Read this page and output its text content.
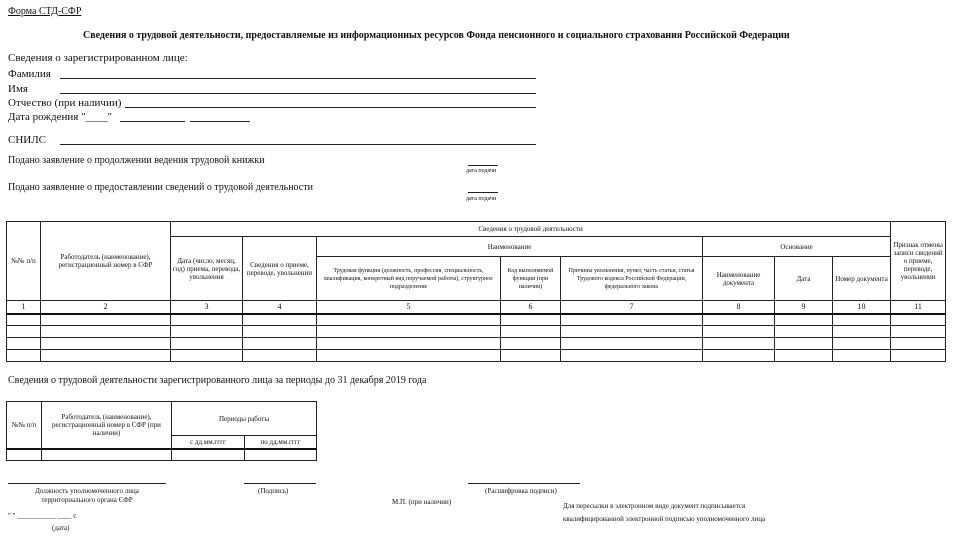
Форма СТД-СФР
Сведения о трудовой деятельности, предоставляемые из информационных ресурсов Фонда пенсионного и социального страхования Российской Федерации
Сведения о зарегистрированном лице:
Фамилия
Имя
Отчество (при наличии)
Дата рождения "____"
СНИЛС
Подано заявление о продолжении ведения трудовой книжки
дата подачи
Подано заявление о предоставлении сведений о трудовой деятельности
дата подачи
№№ п/п	Работодатель (наименование), регистрационный номер в СФР	Сведения о трудовой деятельности								Признак отмены записи сведений о приеме, переводе, увольнении
		Дата (число, месяц, год) приема, перевода, увольнения	Сведения о приеме, переводе, увольнении	Наименование			Основание			
				Трудовая функция (должность, профессия, специальность, квалификация, конкретный вид поручаемой работы), структурное подразделение	Код выполняемой функции (при наличии)	Причины увольнения, пункт, часть статьи, статья Трудового кодекса Российской Федерации, федерального закона	Наименование документа	Дата	Номер документа	
1	2	3	4	5	6	7	8	9	10	11

Сведения о трудовой деятельности зарегистрированного лица за периоды до 31 декабря 2019 года
№№ п/п	Работодатель (наименование), регистрационный номер в СФР (при наличии)	Периоды работы	
		с дд.мм.гггг	по дд.мм.гггг

Должность уполномоченного лица территориального органа СФР
(Подпись)	(Расшифровка подписи)
М.П. (при наличии)	Для пересылки в электронном виде документ подписывается
квалифицированной электронной подписью уполномоченного лица
" " ___________ ____ г.
(дата)
